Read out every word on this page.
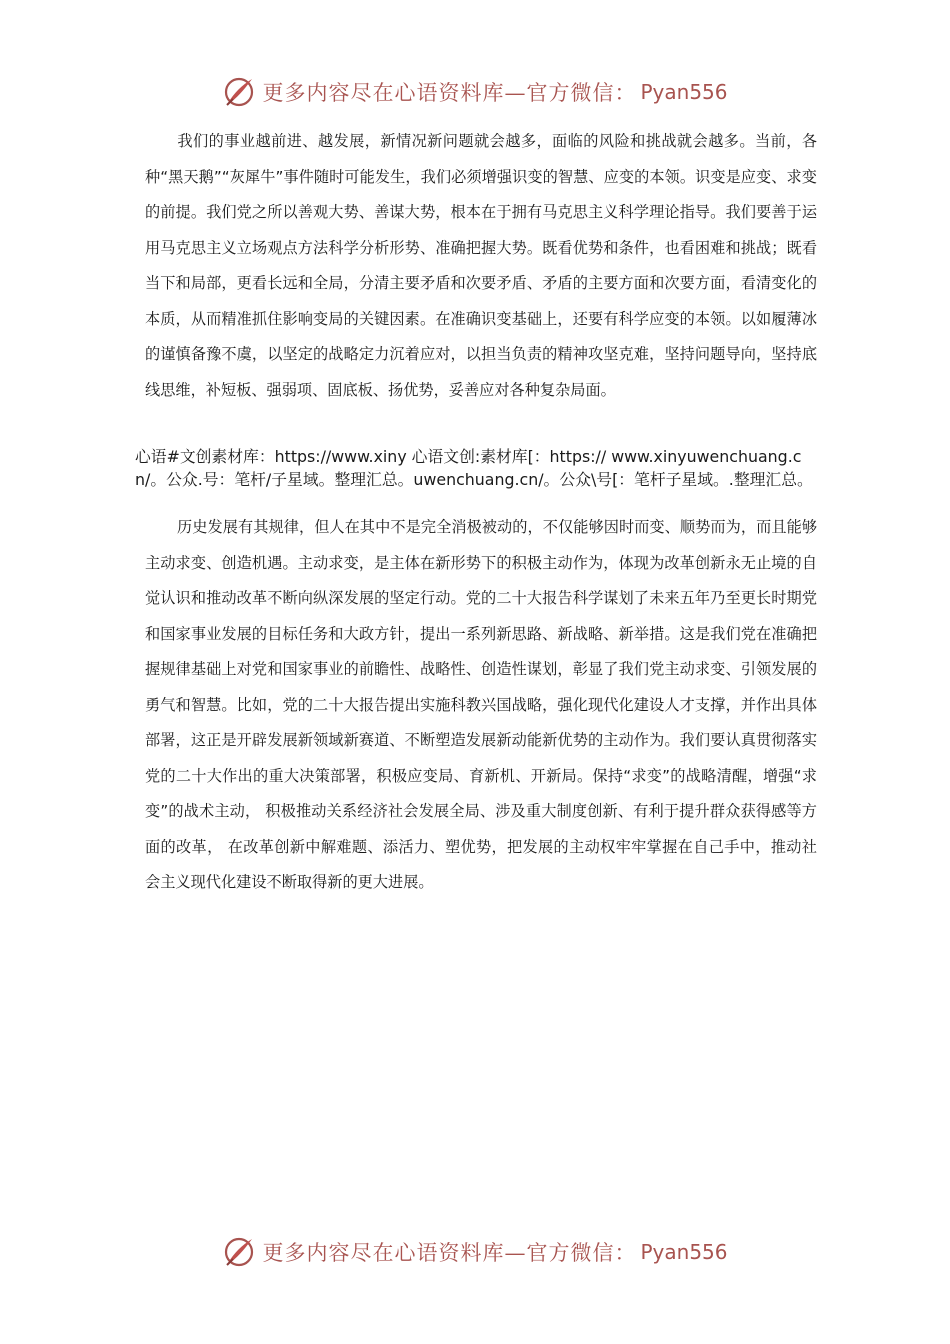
更多内容尽在心语资料库—官方微信： Pyan556

我们的事业越前进、越发展，新情况新问题就会越多，面临的风险和挑战就会越多。当前，各种“黑天鹅”“灰犀牛”事件随时可能发生，我们必须增强识变的智慧、应变的本领。识变是应变、求变的前提。我们党之所以善观大势、善谋大势，根本在于拥有马克思主义科学理论指导。我们要善于运用马克思主义立场观点方法科学分析形势、准确把握大势。既看优势和条件，也看困难和挑战；既看当下和局部，更看长远和全局，分清主要矛盾和次要矛盾、矛盾的主要方面和次要方面，看清变化的本质，从而精准抓住影响变局的关键因素。在准确识变基础上，还要有科学应变的本领。以如履薄冰的谨慎备豫不虞，以坚定的战略定力沉着应对，以担当负责的精神攻坚克难，坚持问题导向，坚持底线思维，补短板、强弱项、固底板、扬优势，妥善应对各种复杂局面。

心语#文创素材库：https://www.xiny 心语文创:素材库[：https:// www.xinyuwenchuang.cn/。公众.号：笔杆/子星域。整理汇总。uwenchuang.cn/。公众\号[：笔杆子星域。.整理汇总。

历史发展有其规律，但人在其中不是完全消极被动的，不仅能够因时而变、顺势而为，而且能够主动求变、创造机遇。主动求变，是主体在新形势下的积极主动作为，体现为改革创新永无止境的自觉认识和推动改革不断向纵深发展的坚定行动。党的二十大报告科学谋划了未来五年乃至更长时期党和国家事业发展的目标任务和大政方针，提出一系列新思路、新战略、新举措。这是我们党在准确把握规律基础上对党和国家事业的前瞻性、战略性、创造性谋划，彰显了我们党主动求变、引领发展的勇气和智慧。比如，党的二十大报告提出实施科教兴国战略，强化现代化建设人才支撑，并作出具体部署，这正是开辟发展新领域新赛道、不断塑造发展新动能新优势的主动作为。我们要认真贯彻落实党的二十大作出的重大决策部署，积极应变局、育新机、开新局。保持“求变”的战略清醒，增强“求变”的战术主动， 积极推动关系经济社会发展全局、涉及重大制度创新、有利于提升群众获得感等方面的改革， 在改革创新中解难题、添活力、塑优势，把发展的主动权牢牢掌握在自己手中，推动社会主义现代化建设不断取得新的更大进展。

更多内容尽在心语资料库—官方微信： Pyan556
